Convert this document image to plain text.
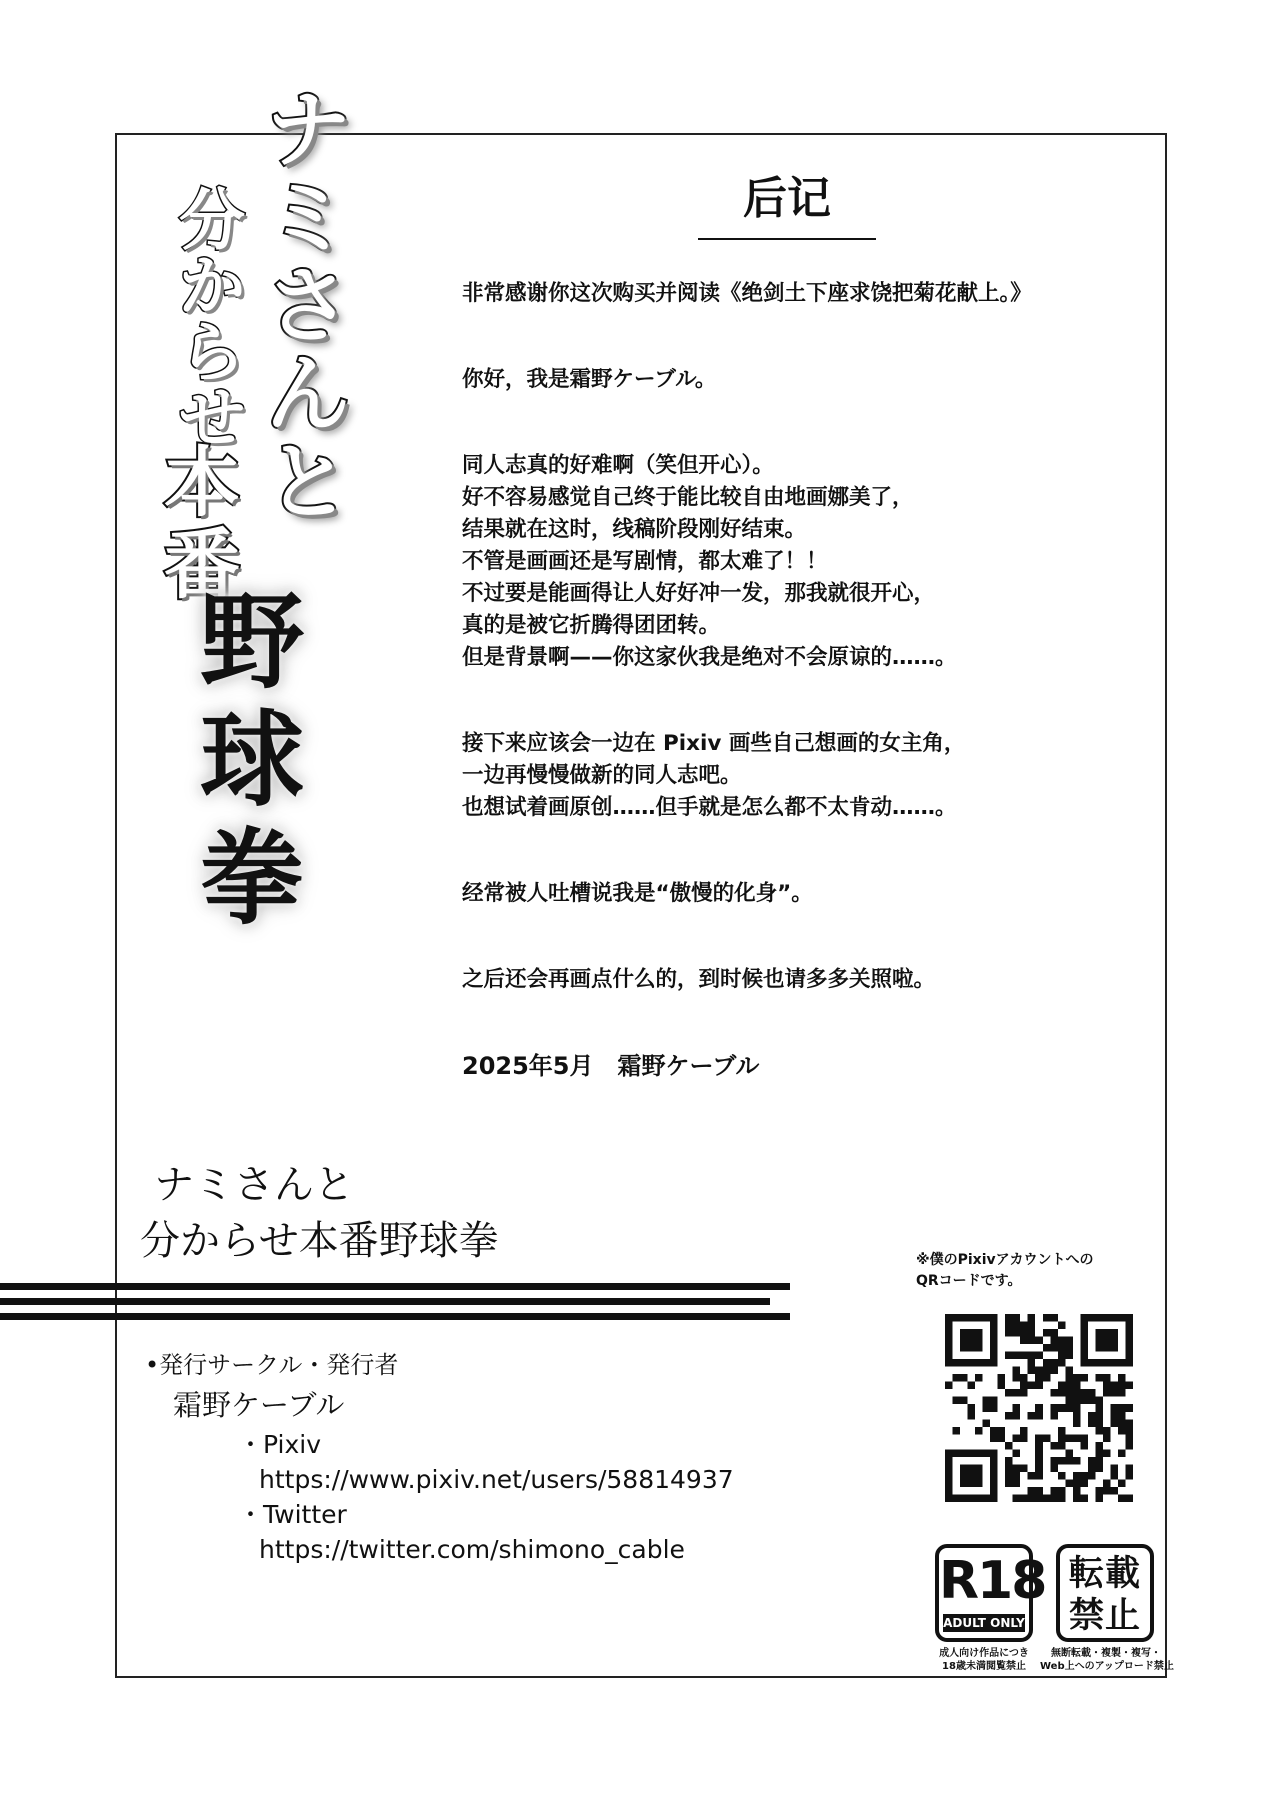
ナ
ミ
さ
ん
と
分
か
ら
せ
本
番
野
球
拳
后记

非常感谢你这次购买并阅读《绝剑土下座求饶把菊花献上。》

你好，我是霜野ケーブル。

同人志真的好难啊（笑但开心）。

好不容易感觉自己终于能比较自由地画娜美了，

结果就在这时，线稿阶段刚好结束。

不管是画画还是写剧情，都太难了！！

不过要是能画得让人好好冲一发，那我就很开心，

真的是被它折腾得团团转。

但是背景啊——你这家伙我是绝对不会原谅的……。

接下来应该会一边在 Pixiv 画些自己想画的女主角，

一边再慢慢做新的同人志吧。

也想试着画原创……但手就是怎么都不太肯动……。

经常被人吐槽说我是“傲慢的化身”。

之后还会再画点什么的，到时候也请多多关照啦。

2025年5月　霜野ケーブル

ナミさんと
分からせ本番野球拳
•発行サークル・発行者
霜野ケーブル
・Pixiv
https://www.pixiv.net/users/58814937
・Twitter
https://twitter.com/shimono_cable
※僕のPixivアカウントへの
QRコードです。
R18
ADULT ONLY
成人向け作品につき
18歳未満閲覧禁止
転載
禁止
無断転載・複製・複写・
Web上へのアップロード禁止
